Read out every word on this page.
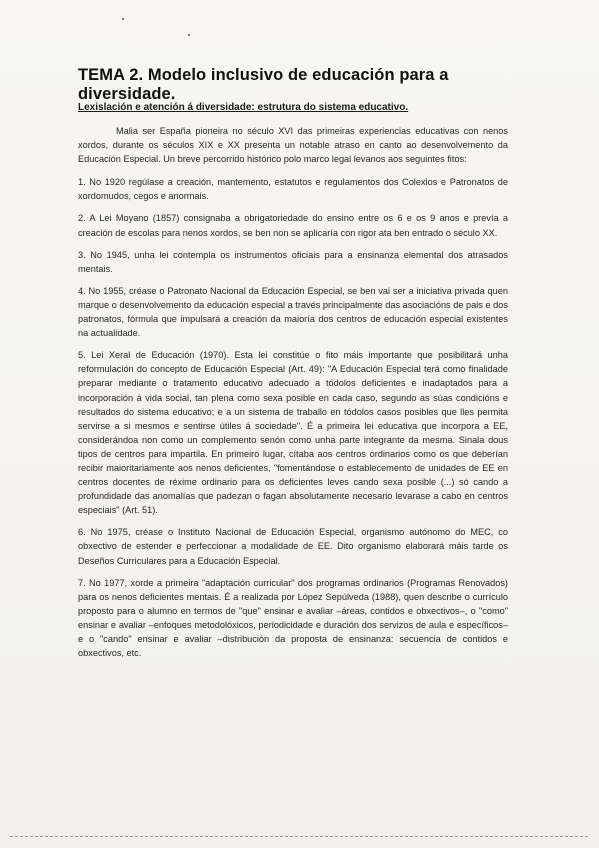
TEMA 2. Modelo inclusivo de educación para a diversidade.
Lexislación e atención á diversidade: estrutura do sistema educativo.

Malia ser España pioneira no século XVI das primeiras experiencias educativas con nenos xordos, durante os séculos XIX e XX presenta un notable atraso en canto ao desenvolvemento da Educación Especial. Un breve percorrido histórico polo marco legal levanos aos seguintes fitos:

1. No 1920 regúlase a creación, mantemento, estatutos e regulamentos dos Colexios e Patronatos de xordomudos, cegos e anormais.

2. A Lei Moyano (1857) consignaba a obrigatoriedade do ensino entre os 6 e os 9 anos e prevía a creación de escolas para nenos xordos, se ben non se aplicaría con rigor ata ben entrado o século XX.

3. No 1945, unha lei contempla os instrumentos oficiais para a ensinanza elemental dos atrasados mentais.

4. No 1955, créase o Patronato Nacional da Educación Especial, se ben vai ser a iniciativa privada quen marque o desenvolvemento da educación especial a través principalmente das asociacións de pais e dos patronatos, fórmula que impulsará a creación da maioría dos centros de educación especial existentes na actualidade.

5. Lei Xeral de Educación (1970). Esta lei constitúe o fito máis importante que posibilitará unha reformulación do concepto de Educación Especial (Art. 49): "A Educación Especial terá como finalidade preparar mediante o tratamento educativo adecuado a tódolos deficientes e inadaptados para a incorporación á vida social, tan plena como sexa posible en cada caso, segundo as súas condicións e resultados do sistema educativo; e a un sistema de traballo en tódolos casos posibles que lles permita servirse a si mesmos e sentirse útiles á sociedade". É a primeira lei educativa que incorpora a EE, considerándoa non como un complemento senón como unha parte integrante da mesma. Sinala dous tipos de centros para impartila. En primeiro lugar, cítaba aos centros ordinarios como os que deberían recibir maioritariamente aos nenos deficientes, "fomentándose o establecemento de unidades de EE en centros docentes de réxime ordinario para os deficientes leves cando sexa posible (...) só cando a profundidade das anomalías que padezan o fagan absolutamente necesario levarase a cabo en centros especiais" (Art. 51).

6. No 1975, créase o Instituto Nacional de Educación Especial, organismo autónomo do MEC, co obxectivo de estender e perfeccionar a modalidade de EE. Dito organismo elaborará máis tarde os Deseños Curriculares para a Educación Especial.

7. No 1977, xorde a primeira "adaptación curricular" dos programas ordinarios (Programas Renovados) para os nenos deficientes mentais. É a realizada por López Sepúlveda (1988), quen describe o currículo proposto para o alumno en termos de "que" ensinar e avaliar –áreas, contidos e obxectivos–, o "como" ensinar e avaliar –enfoques metodolóxicos, periodicidade e duración dos servizos de aula e específicos– e o "cando" ensinar e avaliar –distribución da proposta de ensinanza: secuencia de contidos e obxectivos, etc.
